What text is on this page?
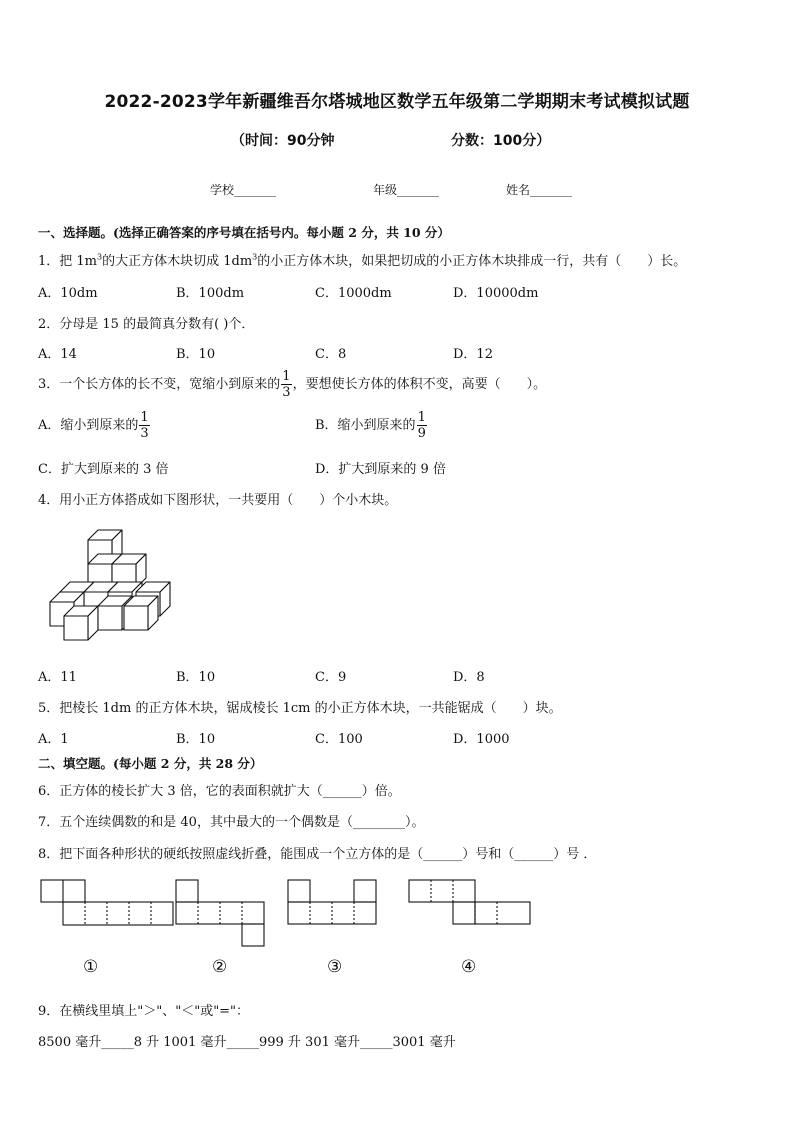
2022-2023学年新疆维吾尔塔城地区数学五年级第二学期期末考试模拟试题
（时间：90分钟	分数：100分）
学校_______	年级_______	姓名_______
一、选择题。(选择正确答案的序号填在括号内。每小题 2 分，共 10 分）
1．把 $1m^3$的大正方体木块切成 $1dm^3$的小正方体木块，如果把切成的小正方体木块排成一行，共有（　　）长。
A．10dm	B．100dm	C．1000dm	D．10000dm
2．分母是 15 的最简真分数有( )个．
A．14	B．10	C．8	D．12
3．一个长方体的长不变，宽缩小到原来的 $\frac{1}{3}$ ，要想使长方体的体积不变，高要（　　）。
A．缩小到原来的 $\frac{1}{3}$	B．缩小到原来的 $\frac{1}{9}$
C．扩大到原来的 3 倍	D．扩大到原来的 9 倍
4．用小正方体搭成如下图形状，一共要用（　　）个小木块。
A．11	B．10	C．9	D．8
5．把棱长 1dm 的正方体木块，锯成棱长 1cm 的小正方体木块，一共能锯成（　　）块。
A．1	B．10	C．100	D．1000
二、填空题。(每小题 2 分，共 28 分）
6．正方体的棱长扩大 3 倍，它的表面积就扩大（______）倍。
7．五个连续偶数的和是 40，其中最大的一个偶数是（________）。
8．把下面各种形状的硬纸按照虚线折叠，能围成一个立方体的是（______）号和（______）号 ．
①	②	③	④
9．在横线里填上"＞"、"＜"或"="：
8500 毫升_____8 升 1001 毫升_____999 升 301 毫升_____3001 毫升
